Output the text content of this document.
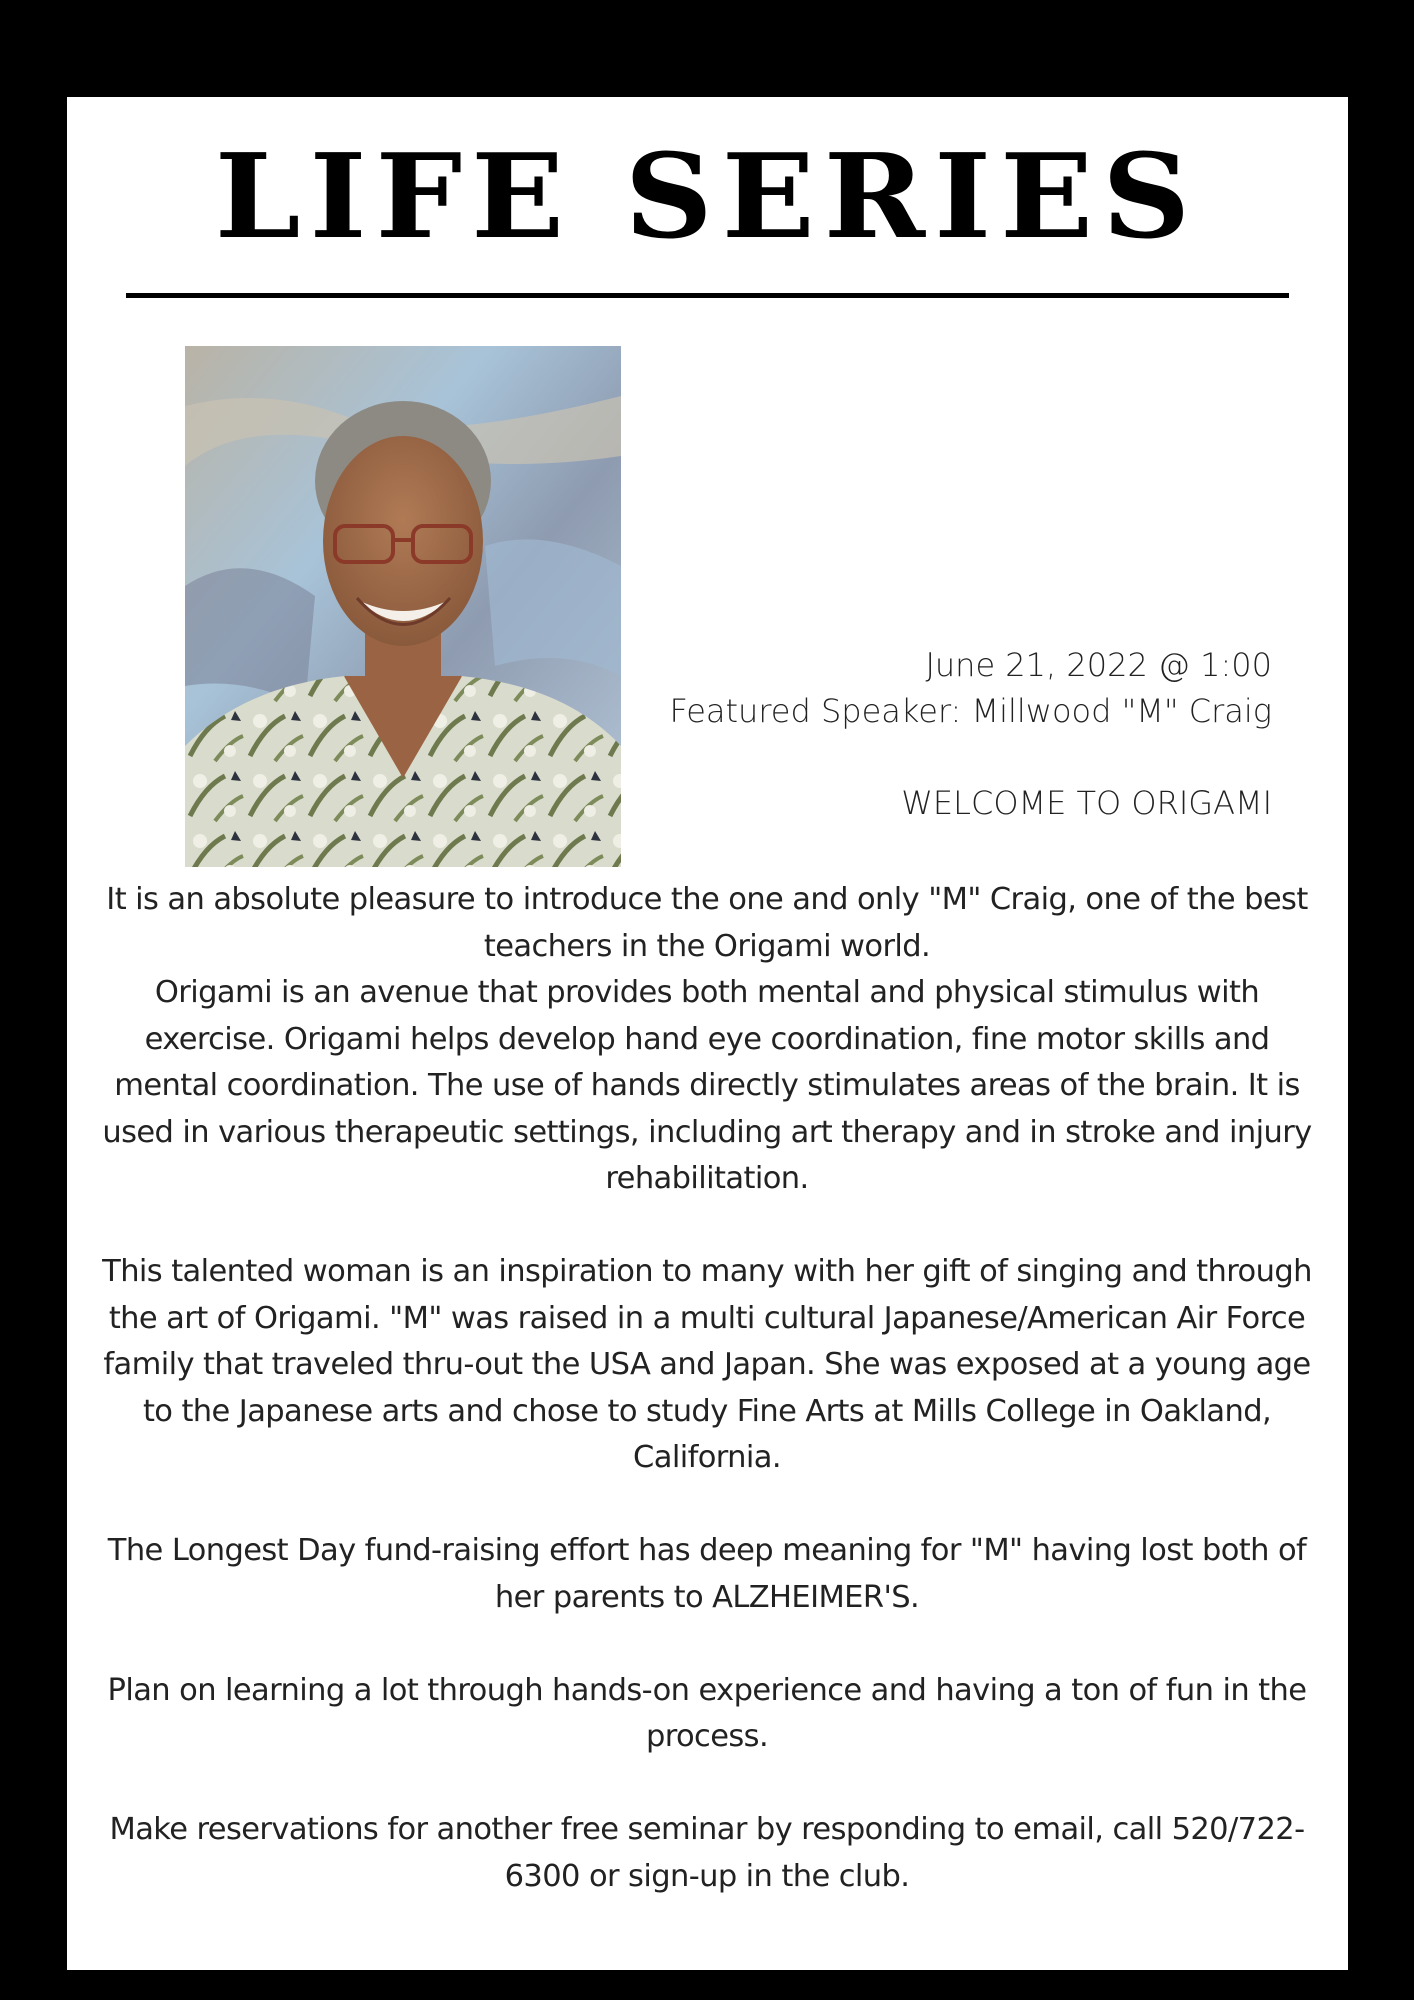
LIFE SERIES
June 21, 2022 @ 1:00
Featured Speaker: Millwood "M" Craig
WELCOME TO ORIGAMI

It is an absolute pleasure to introduce the one and only "M" Craig, one of the best teachers in the Origami world.

Origami is an avenue that provides both mental and physical stimulus with exercise. Origami helps develop hand eye coordination, fine motor skills and mental coordination. The use of hands directly stimulates areas of the brain. It is used in various therapeutic settings, including art therapy and in stroke and injury rehabilitation.

This talented woman is an inspiration to many with her gift of singing and through the art of Origami. "M" was raised in a multi cultural Japanese/American Air Force family that traveled thru-out the USA and Japan. She was exposed at a young age to the Japanese arts and chose to study Fine Arts at Mills College in Oakland, California.

The Longest Day fund-raising effort has deep meaning for "M" having lost both of her parents to ALZHEIMER'S.

Plan on learning a lot through hands-on experience and having a ton of fun in the process.

Make reservations for another free seminar by responding to email, call 520/722-6300 or sign-up in the club.
